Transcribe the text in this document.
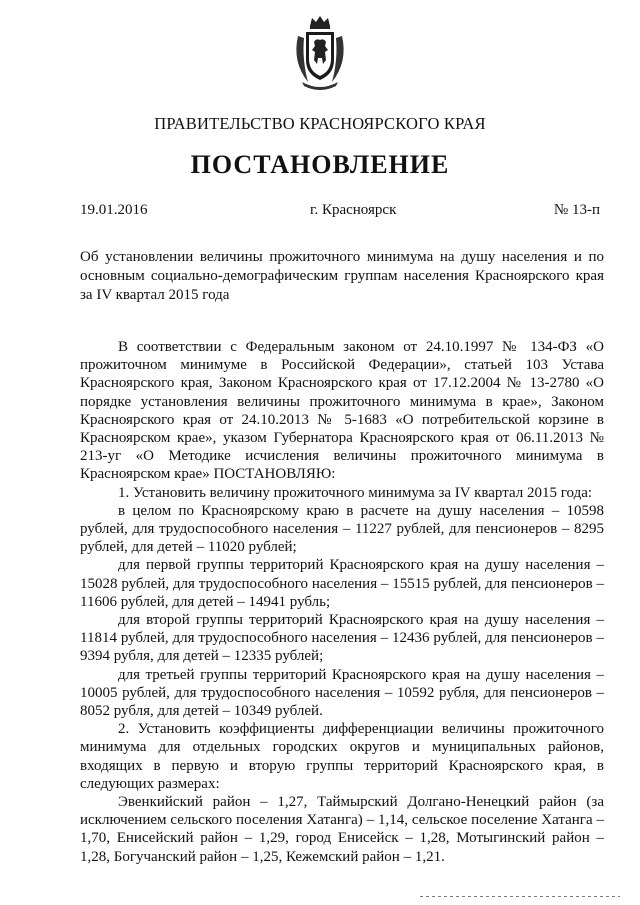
ПРАВИТЕЛЬСТВО КРАСНОЯРСКОГО КРАЯ
ПОСТАНОВЛЕНИЕ
19.01.2016	г. Красноярск	№ 13-п
Об установлении величины прожиточного минимума на душу населения и по основным социально-демографическим группам населения Красноярского края за IV квартал 2015 года

В соответствии с Федеральным законом от 24.10.1997 № 134-ФЗ «О прожиточном минимуме в Российской Федерации», статьей 103 Устава Красноярского края, Законом Красноярского края от 17.12.2004 № 13-2780 «О порядке установления величины прожиточного минимума в крае», Законом Красноярского края от 24.10.2013 № 5-1683 «О потребительской корзине в Красноярском крае», указом Губернатора Красноярского края от 06.11.2013 № 213-уг «О Методике исчисления величины прожиточного минимума в Красноярском крае» ПОСТАНОВЛЯЮ:

1. Установить величину прожиточного минимума за IV квартал 2015 года:

в целом по Красноярскому краю в расчете на душу населения – 10598 рублей, для трудоспособного населения – 11227 рублей, для пенсионеров – 8295 рублей, для детей – 11020 рублей;

для первой группы территорий Красноярского края на душу населения – 15028 рублей, для трудоспособного населения – 15515 рублей, для пенсионеров – 11606 рублей, для детей – 14941 рубль;

для второй группы территорий Красноярского края на душу населения – 11814 рублей, для трудоспособного населения – 12436 рублей, для пенсионеров – 9394 рубля, для детей – 12335 рублей;

для третьей группы территорий Красноярского края на душу населения – 10005 рублей, для трудоспособного населения – 10592 рубля, для пенсионеров – 8052 рубля, для детей – 10349 рублей.

2. Установить коэффициенты дифференциации величины прожиточного минимума для отдельных городских округов и муниципальных районов, входящих в первую и вторую группы территорий Красноярского края, в следующих размерах:

Эвенкийский район – 1,27, Таймырский Долгано-Ненецкий район (за исключением сельского поселения Хатанга) – 1,14, сельское поселение Хатанга – 1,70, Енисейский район – 1,29, город Енисейск – 1,28, Мотыгинский район – 1,28, Богучанский район – 1,25, Кежемский район – 1,21.
